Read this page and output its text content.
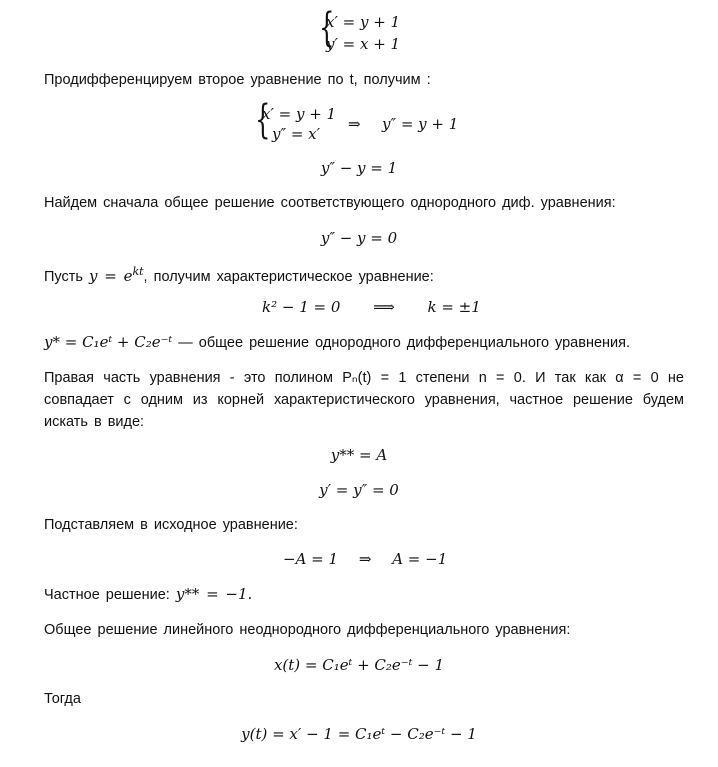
{
x′ = y + 1
y′ = x + 1
Продифференцируем второе уравнение по t, получим :
{
x′ = y + 1
y″ = x′
⇒ y″ = y + 1
y″ − y = 1
Найдем сначала общее решение соответствующего однородного диф. уравнения:
y″ − y = 0
Пусть $y = e^{kt}$, получим характеристическое уравнение:
k² − 1 = 0 ⟹ k = ±1
y* = C₁eᵗ + C₂e⁻ᵗ — общее решение однородного дифференциального уравнения.
Правая часть уравнения - это полином Pₙ(t) = 1 степени n = 0. И так как α = 0 не
совпадает с одним из корней характеристического уравнения, частное решение будем
искать в виде:
y** = A
y′ = y″ = 0
Подставляем в исходное уравнение:
−A = 1 ⇒ A = −1
Частное решение: y** = −1.
Общее решение линейного неоднородного дифференциального уравнения:
x(t) = C₁eᵗ + C₂e⁻ᵗ − 1
Тогда
y(t) = x′ − 1 = C₁eᵗ − C₂e⁻ᵗ − 1
